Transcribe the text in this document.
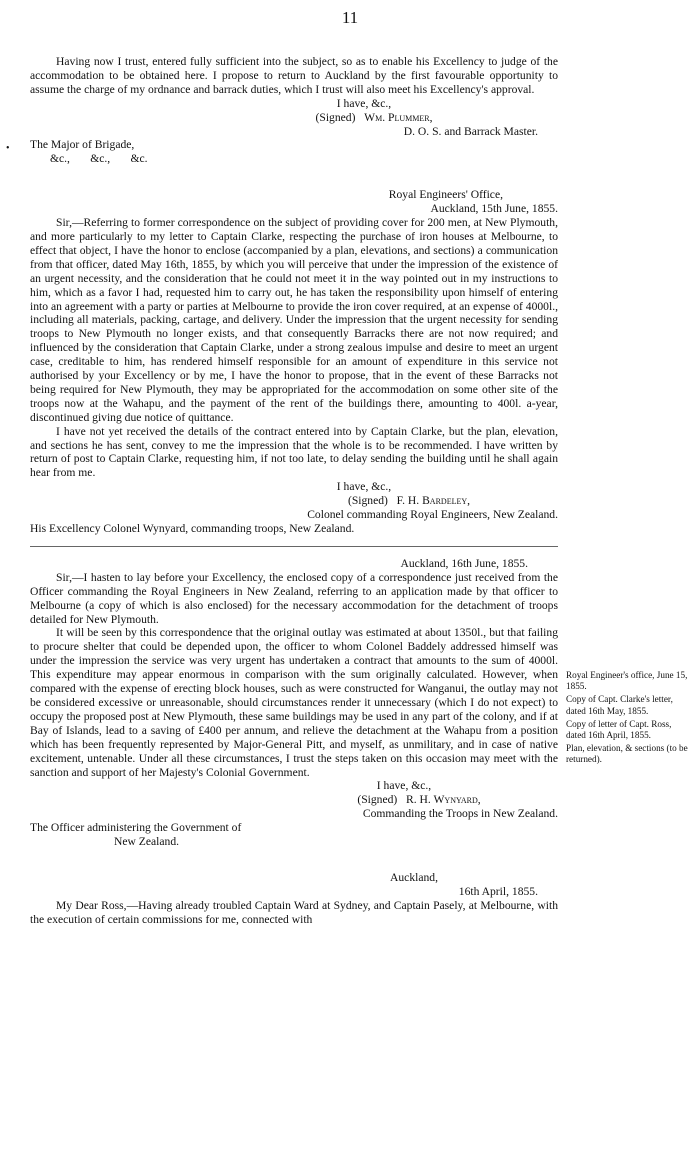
11
•

Having now I trust, entered fully sufficient into the subject, so as to enable his Excellency to judge of the accommodation to be obtained here. I propose to return to Auckland by the first favourable opportunity to assume the charge of my ordnance and barrack duties, which I trust will also meet his Excellency's approval.

I have, &c.,

(Signed) Wm. Plummer,

D. O. S. and Barrack Master.

The Major of Brigade,

&c.,       &c.,       &c.

Royal Engineers' Office,

Auckland, 15th June, 1855.

Sir,—Referring to former correspondence on the subject of providing cover for 200 men, at New Plymouth, and more particularly to my letter to Captain Clarke, respecting the purchase of iron houses at Melbourne, to effect that object, I have the honor to enclose (accompanied by a plan, elevations, and sections) a communication from that officer, dated May 16th, 1855, by which you will perceive that under the impression of the existence of an urgent necessity, and the consideration that he could not meet it in the way pointed out in my instructions to him, which as a favor I had, requested him to carry out, he has taken the responsibility upon himself of entering into an agreement with a party or parties at Melbourne to provide the iron cover required, at an expense of 4000l., including all materials, packing, cartage, and delivery. Under the impression that the urgent necessity for sending troops to New Plymouth no longer exists, and that consequently Barracks there are not now required; and influenced by the consideration that Captain Clarke, under a strong zealous impulse and desire to meet an urgent case, creditable to him, has rendered himself responsible for an amount of expenditure in this service not authorised by your Excellency or by me, I have the honor to propose, that in the event of these Barracks not being required for New Plymouth, they may be appropriated for the accommodation on some other site of the troops now at the Wahapu, and the payment of the rent of the buildings there, amounting to 400l. a-year, discontinued giving due notice of quittance.

I have not yet received the details of the contract entered into by Captain Clarke, but the plan, elevation, and sections he has sent, convey to me the impression that the whole is to be recommended. I have written by return of post to Captain Clarke, requesting him, if not too late, to delay sending the building until he shall again hear from me.

I have, &c.,

(Signed) F. H. Bardeley,

Colonel commanding Royal Engineers, New Zealand.

His Excellency Colonel Wynyard, commanding troops, New Zealand.

Auckland, 16th June, 1855.

Sir,—I hasten to lay before your Excellency, the enclosed copy of a correspondence just received from the Officer commanding the Royal Engineers in New Zealand, referring to an application made by that officer to Melbourne (a copy of which is also enclosed) for the necessary accommodation for the detachment of troops detailed for New Plymouth.

It will be seen by this correspondence that the original outlay was estimated at about 1350l., but that failing to procure shelter that could be depended upon, the officer to whom Colonel Baddely addressed himself was under the impression the service was very urgent has undertaken a contract that amounts to the sum of 4000l. This expenditure may appear enormous in comparison with the sum originally calculated. However, when compared with the expense of erecting block houses, such as were constructed for Wanganui, the outlay may not be considered excessive or unreasonable, should circumstances render it unnecessary (which I do not expect) to occupy the proposed post at New Plymouth, these same buildings may be used in any part of the colony, and if at Bay of Islands, lead to a saving of £400 per annum, and relieve the detachment at the Wahapu from a position which has been frequently represented by Major-General Pitt, and myself, as unmilitary, and in case of native excitement, untenable. Under all these circumstances, I trust the steps taken on this occasion may meet with the sanction and support of her Majesty's Colonial Government.

I have, &c.,

(Signed) R. H. Wynyard,

Commanding the Troops in New Zealand.

The Officer administering the Government of

New Zealand.

Auckland,

16th April, 1855.

My Dear Ross,—Having already troubled Captain Ward at Sydney, and Captain Pasely, at Melbourne, with the execution of certain commissions for me, connected with

Royal Engineer's office, June 15, 1855.

Copy of Capt. Clarke's letter, dated 16th May, 1855.

Copy of letter of Capt. Ross, dated 16th April, 1855.

Plan, elevation, & sections (to be returned).
